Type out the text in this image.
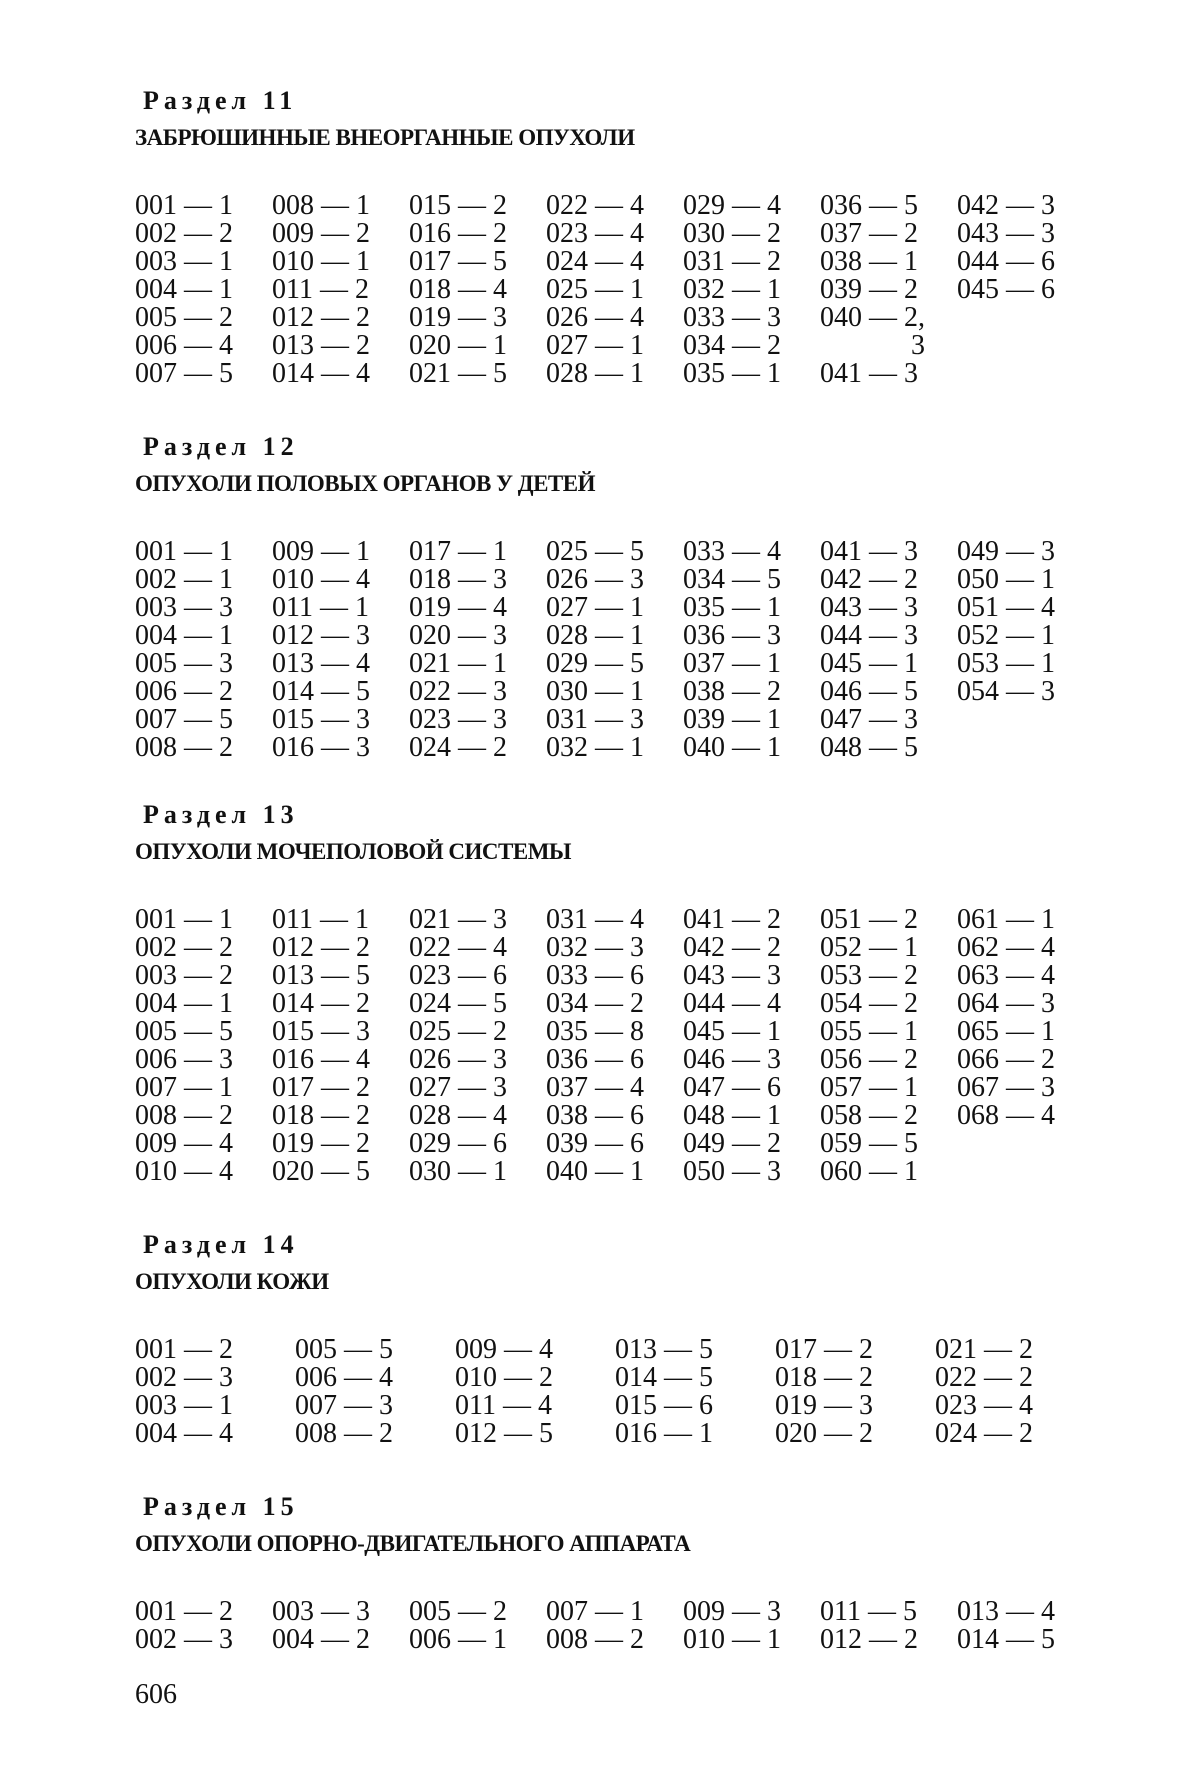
Раздел 11
ЗАБРЮШИННЫЕ ВНЕОРГАННЫЕ ОПУХОЛИ
001 — 1
002 — 2
003 — 1
004 — 1
005 — 2
006 — 4
007 — 5
008 — 1
009 — 2
010 — 1
011 — 2
012 — 2
013 — 2
014 — 4
015 — 2
016 — 2
017 — 5
018 — 4
019 — 3
020 — 1
021 — 5
022 — 4
023 — 4
024 — 4
025 — 1
026 — 4
027 — 1
028 — 1
029 — 4
030 — 2
031 — 2
032 — 1
033 — 3
034 — 2
035 — 1
036 — 5
037 — 2
038 — 1
039 — 2
040 — 2,
3
041 — 3
042 — 3
043 — 3
044 — 6
045 — 6
Раздел 12
ОПУХОЛИ ПОЛОВЫХ ОРГАНОВ У ДЕТЕЙ
001 — 1
002 — 1
003 — 3
004 — 1
005 — 3
006 — 2
007 — 5
008 — 2
009 — 1
010 — 4
011 — 1
012 — 3
013 — 4
014 — 5
015 — 3
016 — 3
017 — 1
018 — 3
019 — 4
020 — 3
021 — 1
022 — 3
023 — 3
024 — 2
025 — 5
026 — 3
027 — 1
028 — 1
029 — 5
030 — 1
031 — 3
032 — 1
033 — 4
034 — 5
035 — 1
036 — 3
037 — 1
038 — 2
039 — 1
040 — 1
041 — 3
042 — 2
043 — 3
044 — 3
045 — 1
046 — 5
047 — 3
048 — 5
049 — 3
050 — 1
051 — 4
052 — 1
053 — 1
054 — 3
Раздел 13
ОПУХОЛИ МОЧЕПОЛОВОЙ СИСТЕМЫ
001 — 1
002 — 2
003 — 2
004 — 1
005 — 5
006 — 3
007 — 1
008 — 2
009 — 4
010 — 4
011 — 1
012 — 2
013 — 5
014 — 2
015 — 3
016 — 4
017 — 2
018 — 2
019 — 2
020 — 5
021 — 3
022 — 4
023 — 6
024 — 5
025 — 2
026 — 3
027 — 3
028 — 4
029 — 6
030 — 1
031 — 4
032 — 3
033 — 6
034 — 2
035 — 8
036 — 6
037 — 4
038 — 6
039 — 6
040 — 1
041 — 2
042 — 2
043 — 3
044 — 4
045 — 1
046 — 3
047 — 6
048 — 1
049 — 2
050 — 3
051 — 2
052 — 1
053 — 2
054 — 2
055 — 1
056 — 2
057 — 1
058 — 2
059 — 5
060 — 1
061 — 1
062 — 4
063 — 4
064 — 3
065 — 1
066 — 2
067 — 3
068 — 4
Раздел 14
ОПУХОЛИ КОЖИ
001 — 2
002 — 3
003 — 1
004 — 4
005 — 5
006 — 4
007 — 3
008 — 2
009 — 4
010 — 2
011 — 4
012 — 5
013 — 5
014 — 5
015 — 6
016 — 1
017 — 2
018 — 2
019 — 3
020 — 2
021 — 2
022 — 2
023 — 4
024 — 2
Раздел 15
ОПУХОЛИ ОПОРНО-ДВИГАТЕЛЬНОГО АППАРАТА
001 — 2
002 — 3
003 — 3
004 — 2
005 — 2
006 — 1
007 — 1
008 — 2
009 — 3
010 — 1
011 — 5
012 — 2
013 — 4
014 — 5
606
